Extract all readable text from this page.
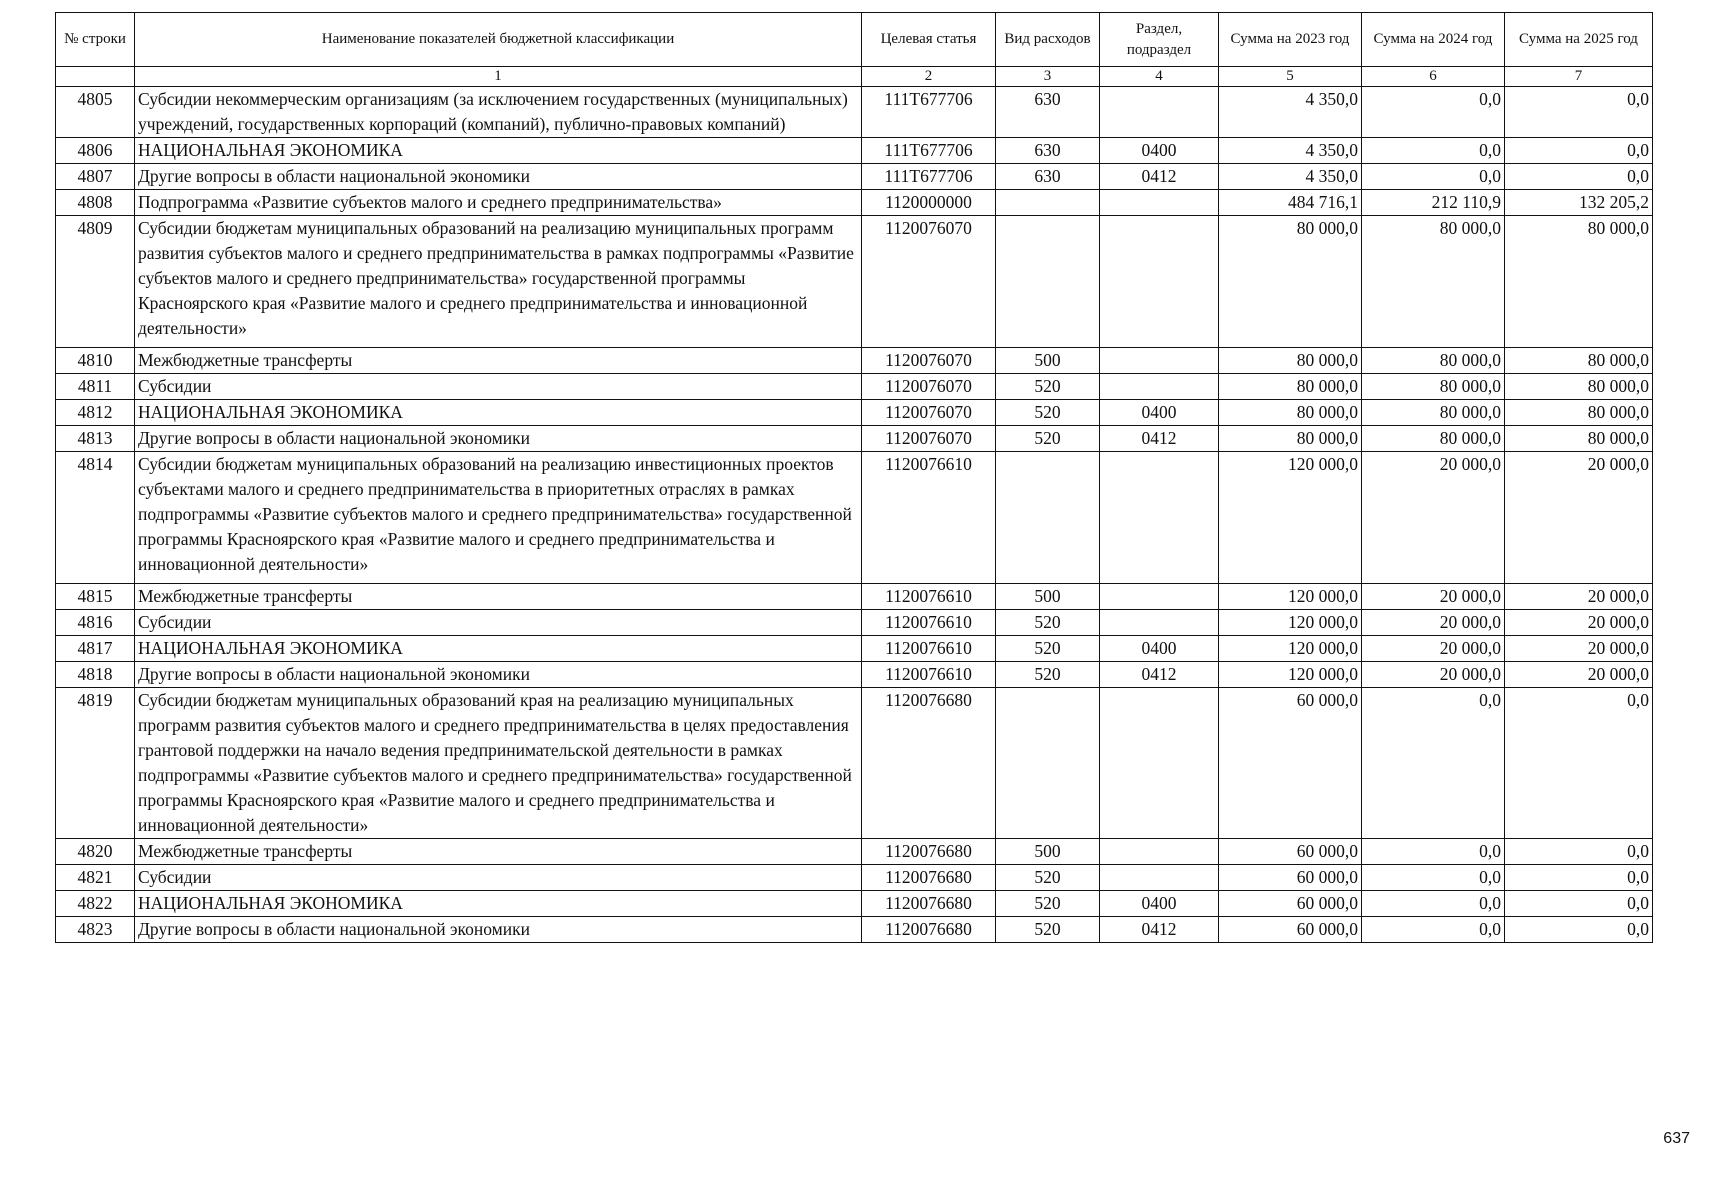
№ строки	Наименование показателей бюджетной классификации	Целевая статья	Вид расходов	Раздел, подраздел	Сумма на 2023 год	Сумма на 2024 год	Сумма на 2025 год
	1	2	3	4	5	6	7
4805	Субсидии некоммерческим организациям (за исключением государственных (муниципальных) учреждений, государственных корпораций (компаний), публично-правовых компаний)	111Т677706	630		4 350,0	0,0	0,0
4806	НАЦИОНАЛЬНАЯ ЭКОНОМИКА	111Т677706	630	0400	4 350,0	0,0	0,0
4807	Другие вопросы в области национальной экономики	111Т677706	630	0412	4 350,0	0,0	0,0
4808	Подпрограмма «Развитие субъектов малого и среднего предпринимательства»	1120000000			484 716,1	212 110,9	132 205,2
4809	Субсидии бюджетам муниципальных образований на реализацию муниципальных программ развития субъектов малого и среднего предпринимательства в рамках подпрограммы «Развитие субъектов малого и среднего предпринимательства» государственной программы Красноярского края «Развитие малого и среднего предпринимательства и инновационной деятельности»	1120076070			80 000,0	80 000,0	80 000,0
4810	Межбюджетные трансферты	1120076070	500		80 000,0	80 000,0	80 000,0
4811	Субсидии	1120076070	520		80 000,0	80 000,0	80 000,0
4812	НАЦИОНАЛЬНАЯ ЭКОНОМИКА	1120076070	520	0400	80 000,0	80 000,0	80 000,0
4813	Другие вопросы в области национальной экономики	1120076070	520	0412	80 000,0	80 000,0	80 000,0
4814	Субсидии бюджетам муниципальных образований на реализацию инвестиционных проектов субъектами малого и среднего предпринимательства в приоритетных отраслях в рамках подпрограммы «Развитие субъектов малого и среднего предпринимательства» государственной программы Красноярского края «Развитие малого и среднего предпринимательства и инновационной деятельности»	1120076610			120 000,0	20 000,0	20 000,0
4815	Межбюджетные трансферты	1120076610	500		120 000,0	20 000,0	20 000,0
4816	Субсидии	1120076610	520		120 000,0	20 000,0	20 000,0
4817	НАЦИОНАЛЬНАЯ ЭКОНОМИКА	1120076610	520	0400	120 000,0	20 000,0	20 000,0
4818	Другие вопросы в области национальной экономики	1120076610	520	0412	120 000,0	20 000,0	20 000,0
4819	Субсидии бюджетам муниципальных образований края на реализацию муниципальных программ развития субъектов малого и среднего предпринимательства в целях предоставления грантовой поддержки на начало ведения предпринимательской деятельности в рамках подпрограммы «Развитие субъектов малого и среднего предпринимательства» государственной программы Красноярского края «Развитие малого и среднего предпринимательства и инновационной деятельности»	1120076680			60 000,0	0,0	0,0
4820	Межбюджетные трансферты	1120076680	500		60 000,0	0,0	0,0
4821	Субсидии	1120076680	520		60 000,0	0,0	0,0
4822	НАЦИОНАЛЬНАЯ ЭКОНОМИКА	1120076680	520	0400	60 000,0	0,0	0,0
4823	Другие вопросы в области национальной экономики	1120076680	520	0412	60 000,0	0,0	0,0
637
